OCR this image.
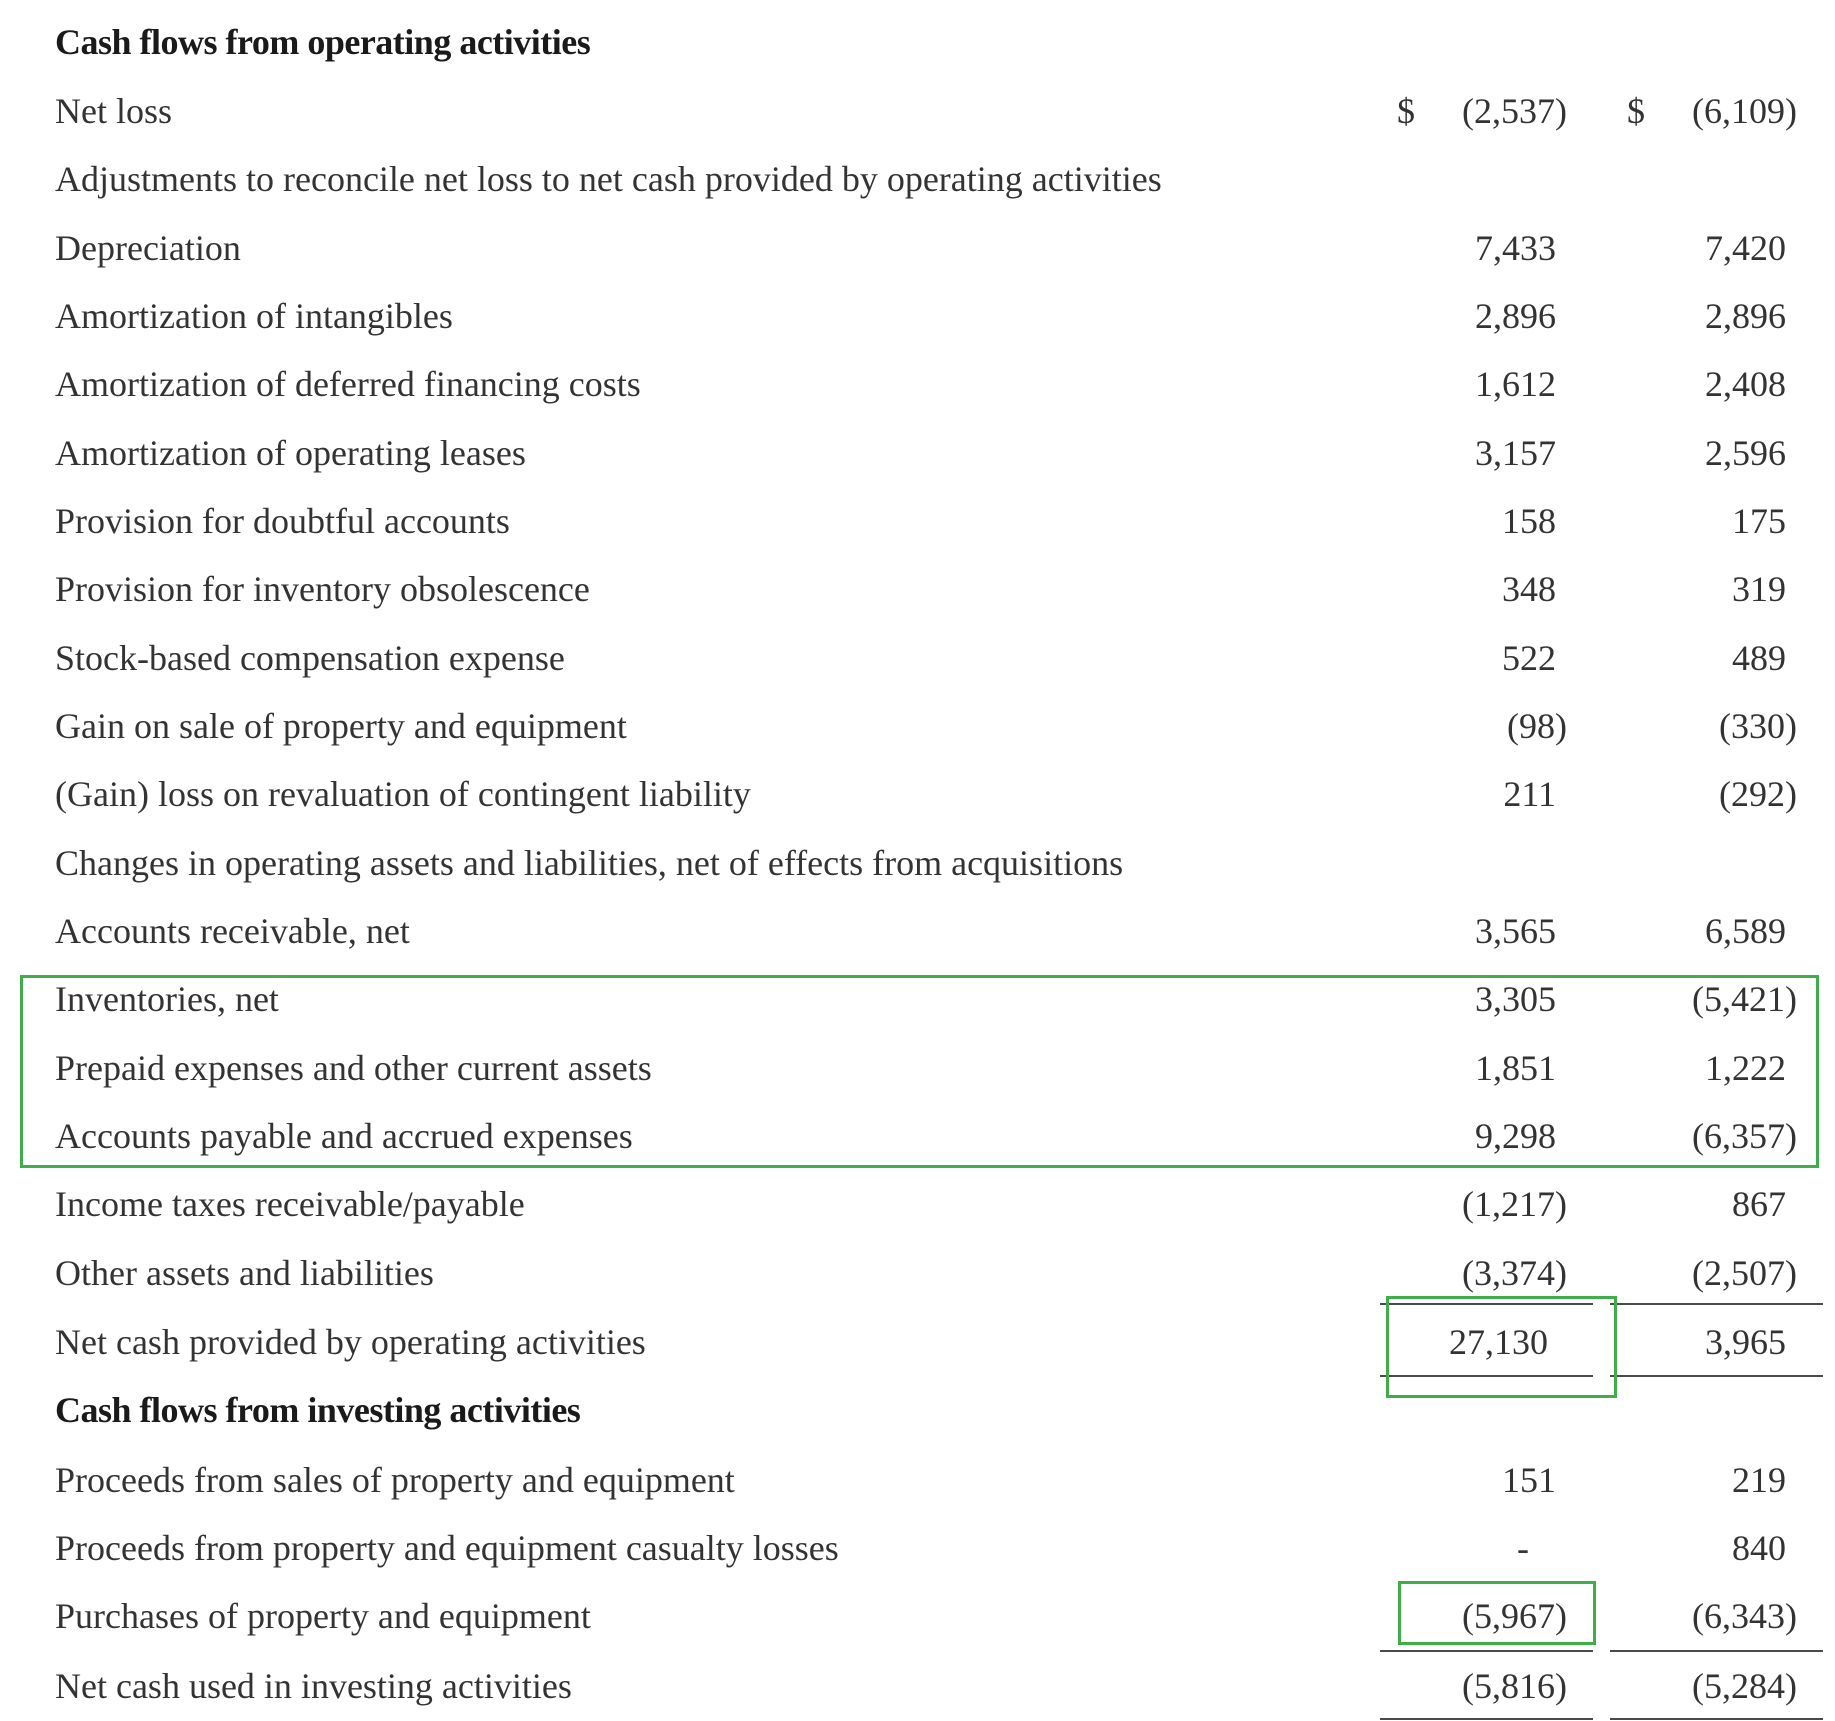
Cash flows from operating activities
Net loss	$ (2,537) $ (6,109)
Adjustments to reconcile net loss to net cash provided by operating activities
Depreciation	7,433	7,420
Amortization of intangibles	2,896	2,896
Amortization of deferred financing costs	1,612	2,408
Amortization of operating leases	3,157	2,596
Provision for doubtful accounts	158	175
Provision for inventory obsolescence	348	319
Stock-based compensation expense	522	489
Gain on sale of property and equipment	(98)	(330)
(Gain) loss on revaluation of contingent liability	211	(292)
Changes in operating assets and liabilities, net of effects from acquisitions
Accounts receivable, net	3,565	6,589
Inventories, net	3,305	(5,421)
Prepaid expenses and other current assets	1,851	1,222
Accounts payable and accrued expenses	9,298	(6,357)
Income taxes receivable/payable	(1,217)	867
Other assets and liabilities	(3,374)	(2,507)
Net cash provided by operating activities	27,130	3,965
Cash flows from investing activities
Proceeds from sales of property and equipment	151	219
Proceeds from property and equipment casualty losses	-	840
Purchases of property and equipment	(5,967)	(6,343)
Net cash used in investing activities	(5,816)	(5,284)
